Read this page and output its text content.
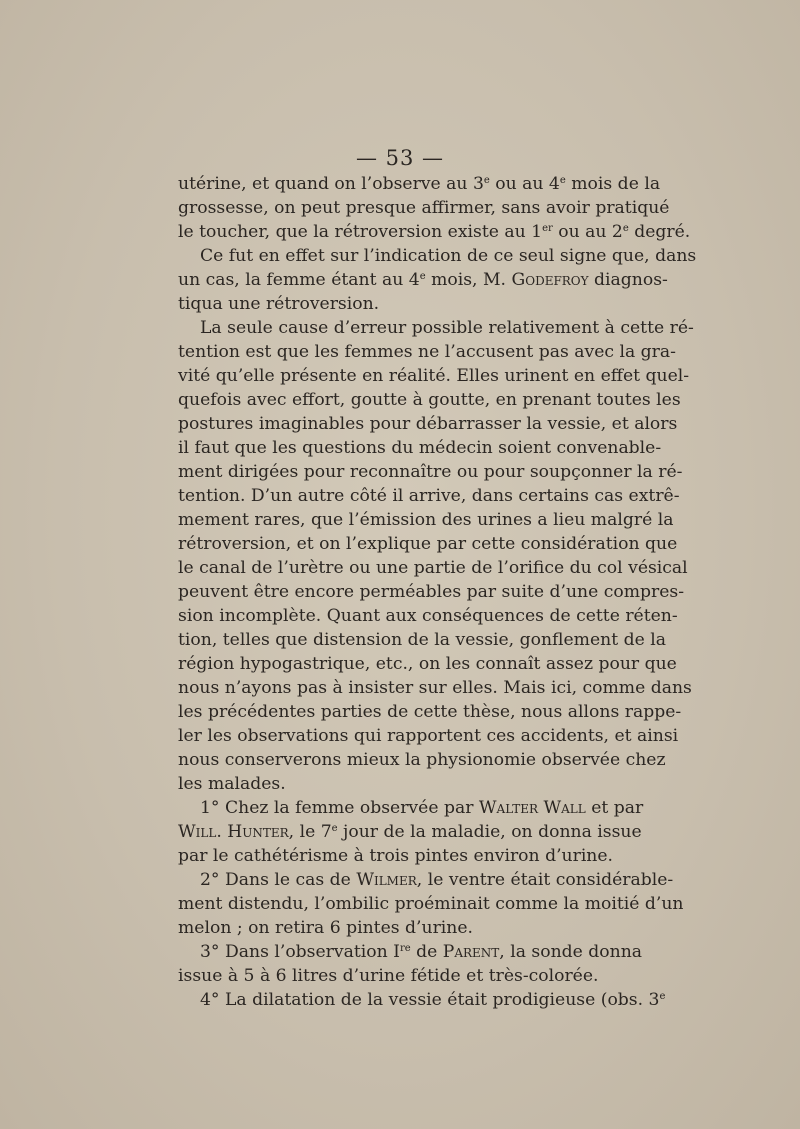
— 53 —
utérine, et quand on l’observe au 3e ou au 4e mois de la
grossesse, on peut presque affirmer, sans avoir pratiqué
le toucher, que la rétroversion existe au 1er ou au 2e degré.
Ce fut en effet sur l’indication de ce seul signe que, dans
un cas, la femme étant au 4e mois, M. Godefroy diagnos-
tiqua une rétroversion.
La seule cause d’erreur possible relativement à cette ré-
tention est que les femmes ne l’accusent pas avec la gra-
vité qu’elle présente en réalité. Elles urinent en effet quel-
quefois avec effort, goutte à goutte, en prenant toutes les
postures imaginables pour débarrasser la vessie, et alors
il faut que les questions du médecin soient convenable-
ment dirigées pour reconnaître ou pour soupçonner la ré-
tention. D’un autre côté il arrive, dans certains cas extrê-
mement rares, que l’émission des urines a lieu malgré la
rétroversion, et on l’explique par cette considération que
le canal de l’urètre ou une partie de l’orifice du col vésical
peuvent être encore perméables par suite d’une compres-
sion incomplète. Quant aux conséquences de cette réten-
tion, telles que distension de la vessie, gonflement de la
région hypogastrique, etc., on les connaît assez pour que
nous n’ayons pas à insister sur elles. Mais ici, comme dans
les précédentes parties de cette thèse, nous allons rappe-
ler les observations qui rapportent ces accidents, et ainsi
nous conserverons mieux la physionomie observée chez
les malades.
1° Chez la femme observée par Walter Wall et par
Will. Hunter, le 7e jour de la maladie, on donna issue
par le cathétérisme à trois pintes environ d’urine.
2° Dans le cas de Wilmer, le ventre était considérable-
ment distendu, l’ombilic proéminait comme la moitié d’un
melon ; on retira 6 pintes d’urine.
3° Dans l’observation Ire de Parent, la sonde donna
issue à 5 à 6 litres d’urine fétide et très-colorée.
4° La dilatation de la vessie était prodigieuse (obs. 3e
